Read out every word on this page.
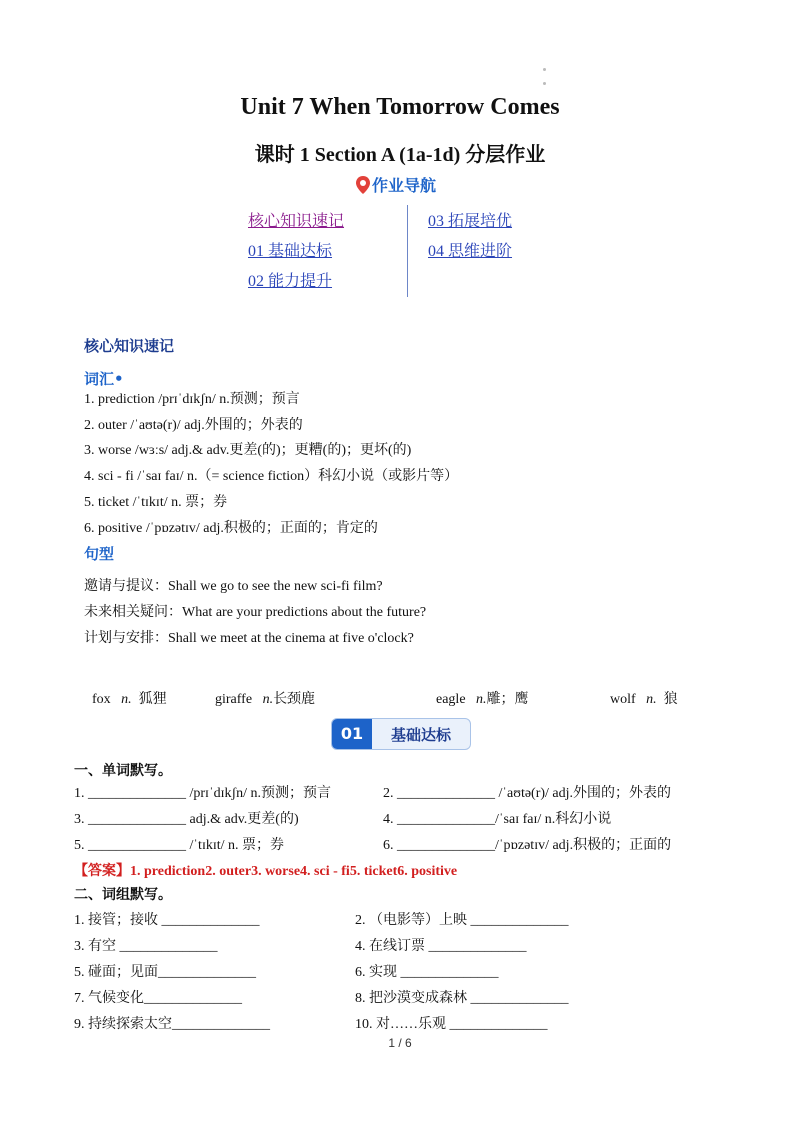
Unit 7 When Tomorrow Comes
课时 1 Section A (1a-1d) 分层作业
作业导航
核心知识速记
01 基础达标
02 能力提升
03 拓展培优
04 思维进阶
核心知识速记
词汇•
1. prediction /prɪˈdɪkʃn/ n.预测；预言
2. outer /ˈaʊtə(r)/ adj.外围的；外表的
3. worse /wɜːs/ adj.& adv.更差(的)；更糟(的)；更坏(的)
4. sci - fi /ˈsaɪ faɪ/ n.（= science fiction）科幻小说（或影片等）
5. ticket /ˈtɪkɪt/ n. 票；券
6. positive /ˈpɒzətɪv/ adj.积极的；正面的；肯定的
句型
邀请与提议：Shall we go to see the new sci-fi film?
未来相关疑问：What are your predictions about the future?
计划与安排：Shall we meet at the cinema at five o'clock?
fox n. 狐狸	giraffe n.长颈鹿	eagle n.雕；鹰	wolf n. 狼
01	基础达标
一、单词默写。
1. ______________ /prɪˈdɪkʃn/ n.预测；预言	2. ______________ /ˈaʊtə(r)/ adj.外围的；外表的
3. ______________ adj.& adv.更差(的)	4. ______________/ˈsaɪ faɪ/ n.科幻小说
5. ______________ /ˈtɪkɪt/ n. 票；券	6. ______________/ˈpɒzətɪv/ adj.积极的；正面的
【答案】1. prediction2. outer3. worse4. sci - fi5. ticket6. positive
二、词组默写。
1. 接管；接收 ______________	2. （电影等）上映 ______________
3. 有空 ______________	4. 在线订票 ______________
5. 碰面；见面______________	6. 实现 ______________
7. 气候变化______________	8. 把沙漠变成森林 ______________
9. 持续探索太空______________	10. 对……乐观 ______________
1 / 6
